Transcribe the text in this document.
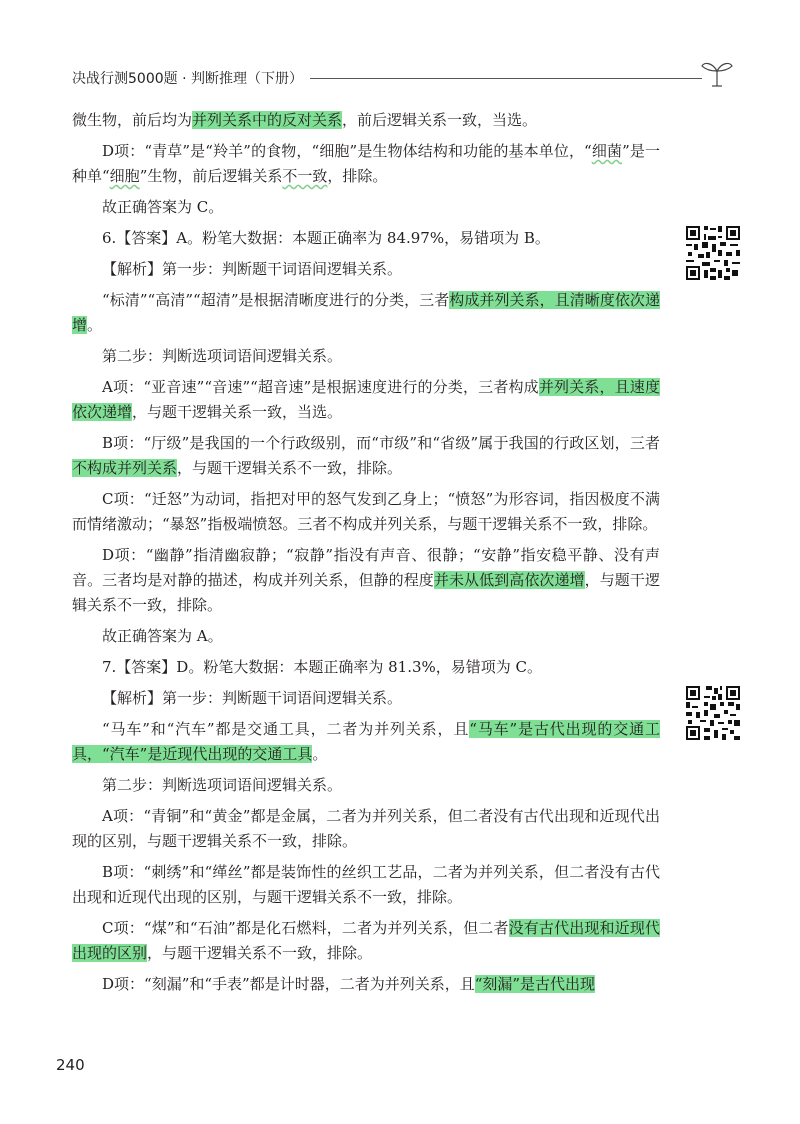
决战行测5000题 · 判断推理（下册）

微生物，前后均为并列关系中的反对关系，前后逻辑关系一致，当选。

D项：“青草”是“羚羊”的食物，“细胞”是生物体结构和功能的基本单位，“细菌”是一种单“细胞”生物，前后逻辑关系不一致，排除。

故正确答案为 C。

6.【答案】A。粉笔大数据：本题正确率为 84.97%，易错项为 B。

【解析】第一步：判断题干词语间逻辑关系。

“标清”“高清”“超清”是根据清晰度进行的分类，三者构成并列关系，且清晰度依次递增。

第二步：判断选项词语间逻辑关系。

A项：“亚音速”“音速”“超音速”是根据速度进行的分类，三者构成并列关系，且速度依次递增，与题干逻辑关系一致，当选。

B项：“厅级”是我国的一个行政级别，而“市级”和“省级”属于我国的行政区划，三者不构成并列关系，与题干逻辑关系不一致，排除。

C项：“迁怒”为动词，指把对甲的怒气发到乙身上；“愤怒”为形容词，指因极度不满而情绪激动；“暴怒”指极端愤怒。三者不构成并列关系，与题干逻辑关系不一致，排除。

D项：“幽静”指清幽寂静；“寂静”指没有声音、很静；“安静”指安稳平静、没有声音。三者均是对静的描述，构成并列关系，但静的程度并未从低到高依次递增，与题干逻辑关系不一致，排除。

故正确答案为 A。

7.【答案】D。粉笔大数据：本题正确率为 81.3%，易错项为 C。

【解析】第一步：判断题干词语间逻辑关系。

“马车”和“汽车”都是交通工具，二者为并列关系，且“马车”是古代出现的交通工具，“汽车”是近现代出现的交通工具。

第二步：判断选项词语间逻辑关系。

A项：“青铜”和“黄金”都是金属，二者为并列关系，但二者没有古代出现和近现代出现的区别，与题干逻辑关系不一致，排除。

B项：“刺绣”和“缂丝”都是装饰性的丝织工艺品，二者为并列关系，但二者没有古代出现和近现代出现的区别，与题干逻辑关系不一致，排除。

C项：“煤”和“石油”都是化石燃料，二者为并列关系，但二者没有古代出现和近现代出现的区别，与题干逻辑关系不一致，排除。

D项：“刻漏”和“手表”都是计时器，二者为并列关系，且“刻漏”是古代出现

240
